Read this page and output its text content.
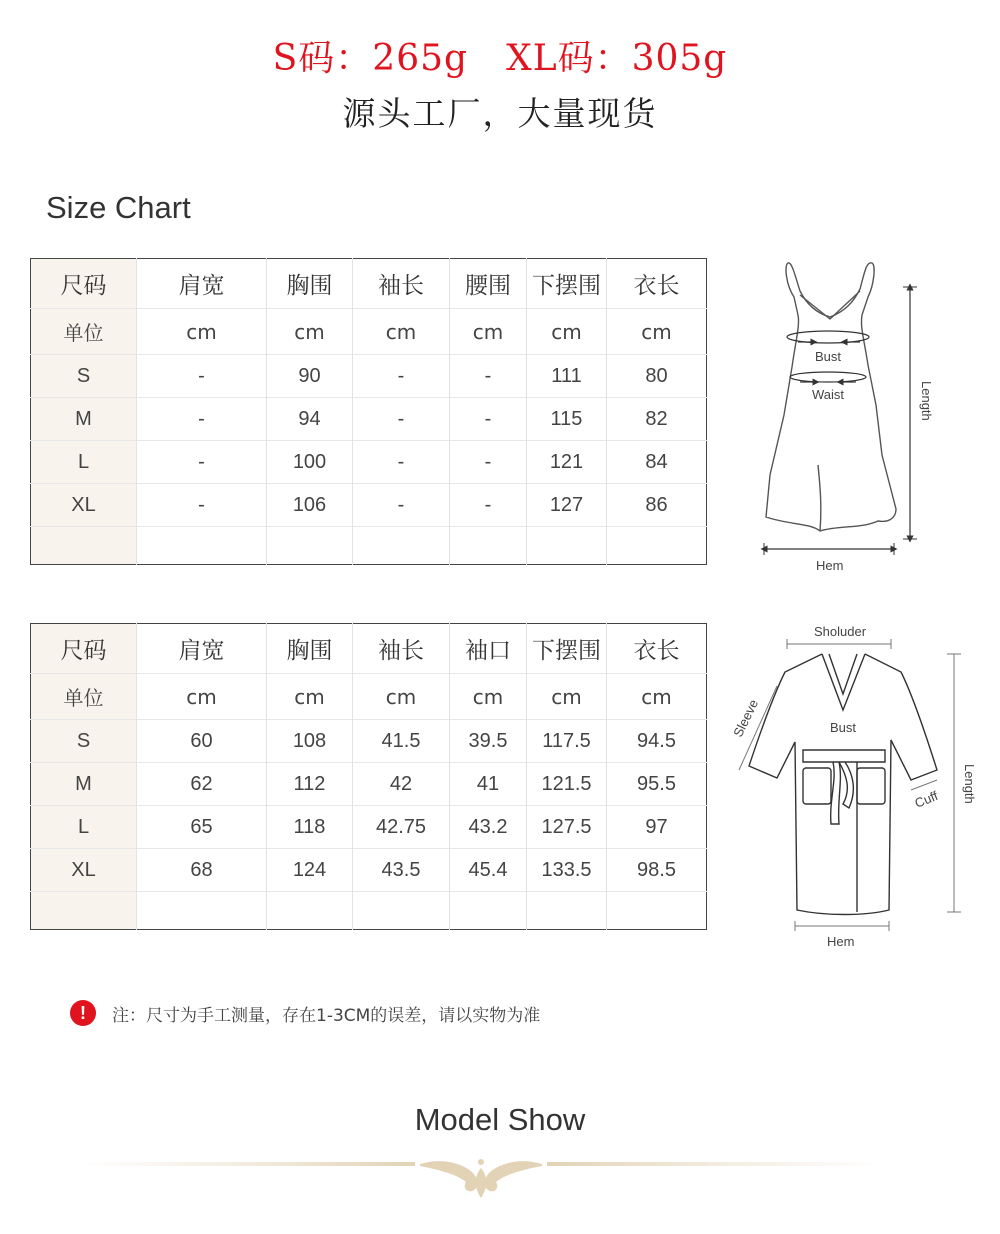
S码：265g XL码：305g
源头工厂，大量现货
Size Chart
尺码	肩宽	胸围	袖长	腰围	下摆围	衣长
单位	cm	cm	cm	cm	cm	cm
S	-	90	-	-	111	80
M	-	94	-	-	115	82
L	-	100	-	-	121	84
XL	-	106	-	-	127	86

尺码	肩宽	胸围	袖长	袖口	下摆围	衣长
单位	cm	cm	cm	cm	cm	cm
S	60	108	41.5	39.5	117.5	94.5
M	62	112	42	41	121.5	95.5
L	65	118	42.75	43.2	127.5	97
XL	68	124	43.5	45.4	133.5	98.5

Bust
Waist	Length
Hem
Sholuder
Bust
Sleeve
Cuff Length
Hem
!	注：尺寸为手工测量，存在1-3CM的误差，请以实物为准
Model Show
